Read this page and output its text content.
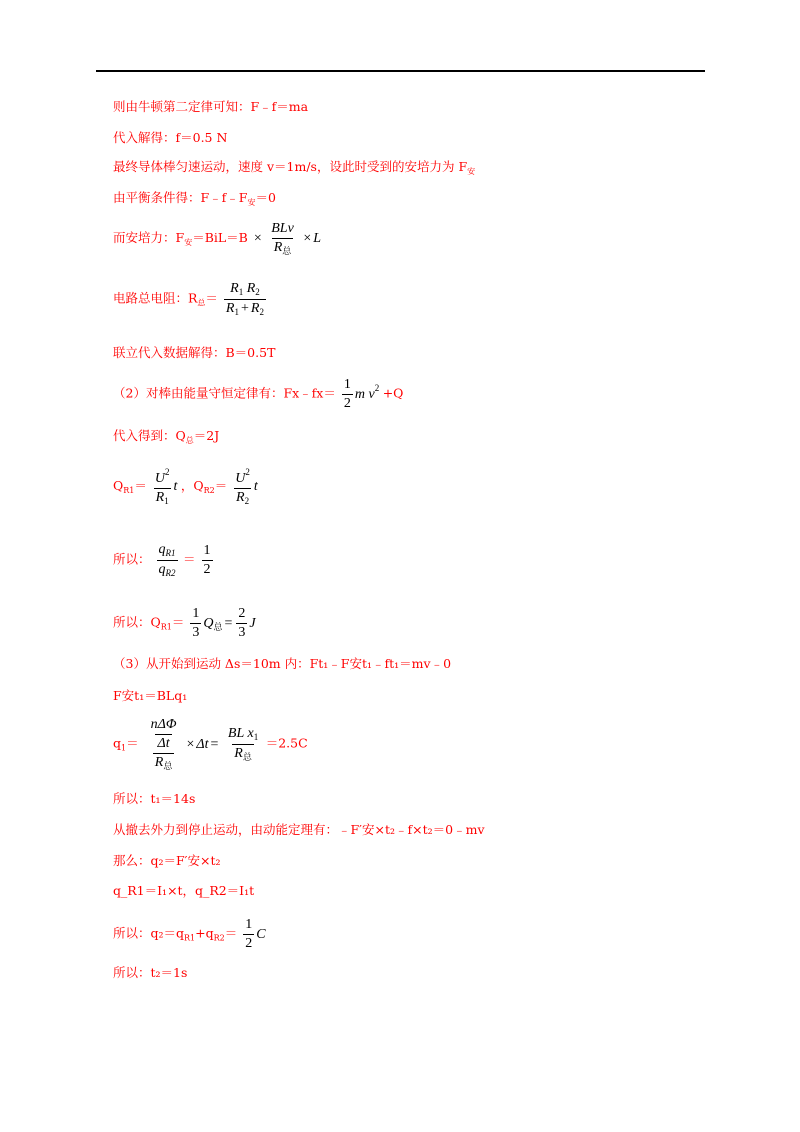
则由牛顿第二定律可知：F﹣f＝ma
代入解得：f＝0.5 N
最终导体棒匀速运动，速度 v＝1m/s，设此时受到的安培力为 $F_安$
由平衡条件得：$F﹣f﹣F_安=0$
而安培力：$F_安=BiL=B \times \frac{\text{BLv}}{R_总} \times L$
电路总电阻：$R_总= \frac{R_1 R_2}{R_1 + R_2}$
联立代入数据解得：B＝0.5T
（2）对棒由能量守恒定律有：Fx﹣fx＝ $\frac{1}{2}$ m $v^2 +Q$
代入得到：$Q_总=2J$
$Q_{R1}= \frac{U^2}{R_1}$ t ，$Q_{R2}= \frac{U^2}{R_2}$ t
所以： $\frac{q_{R1}}{q_{R2}} = \frac{1}{2}$
所以：$Q_{R1}= \frac{1}{3} Q_总 = \frac{2}{3}$ J
（3）从开始到运动 Δs＝10m 内：Ft₁﹣F安t₁﹣ft₁＝mv﹣0
F安t₁＝BLq₁
$q_1= \frac{\frac{\text{nΔΦ}}{\Delta t}}{R_总} \times \Delta t = \frac{BL x_1}{R_总} =2.5C$
所以：t₁＝14s
从撤去外力到停止运动，由动能定理有：﹣F′安×t₂﹣f×t₂＝0﹣mv
那么：q₂＝F′安×t₂
q_R1＝I₁×t，q_R2＝I₁t
所以：$q_2=q_{R1}+q_{R2}= \frac{1}{2}$ C
所以：t₂＝1s
